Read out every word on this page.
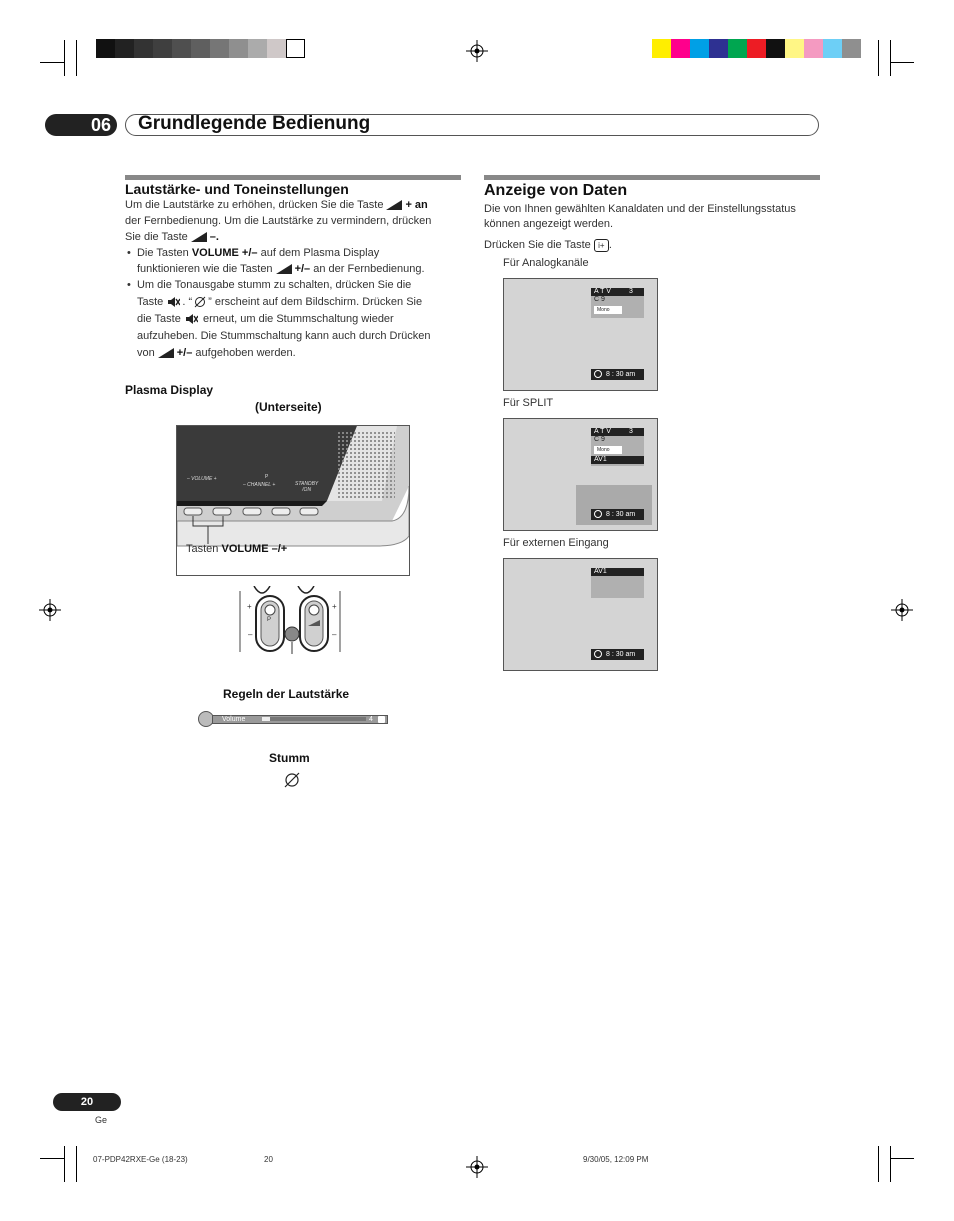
06	Grundlegende Bedienung
Lautstärke- und Toneinstellungen
Um die Lautstärke zu erhöhen, drücken Sie die Taste + an
der Fernbedienung. Um die Lautstärke zu vermindern, drücken
Sie die Taste –.
•  Die Tasten VOLUME +/– auf dem Plasma Display
funktionieren wie die Tasten +/– an der Fernbedienung.
•  Um die Tonausgabe stumm zu schalten, drücken Sie die
Taste . “ ” erscheint auf dem Bildschirm. Drücken Sie
die Taste erneut, um die Stummschaltung wieder
aufzuheben. Die Stummschaltung kann auch durch Drücken
von +/– aufgehoben werden.
Plasma Display
(Unterseite)
– VOLUME +
– CHANNEL +
P
STANDBY
/ON
Tasten VOLUME –/+
P
+	+
–	–
Regeln der Lautstärke
Volume	4
Stumm
Anzeige von Daten
Die von Ihnen gewählten Kanaldaten und der Einstellungsstatus
können angezeigt werden.
Drücken Sie die Taste i+ .
Für Analogkanäle
A T V	3
C 9
Mono
8 : 30 am
Für SPLIT
A T V	3
C 9
Mono
AV1
8 : 30 am
Für externen Eingang
AV1
8 : 30 am
20
Ge
07-PDP42RXE-Ge (18-23)	20	9/30/05, 12:09 PM
